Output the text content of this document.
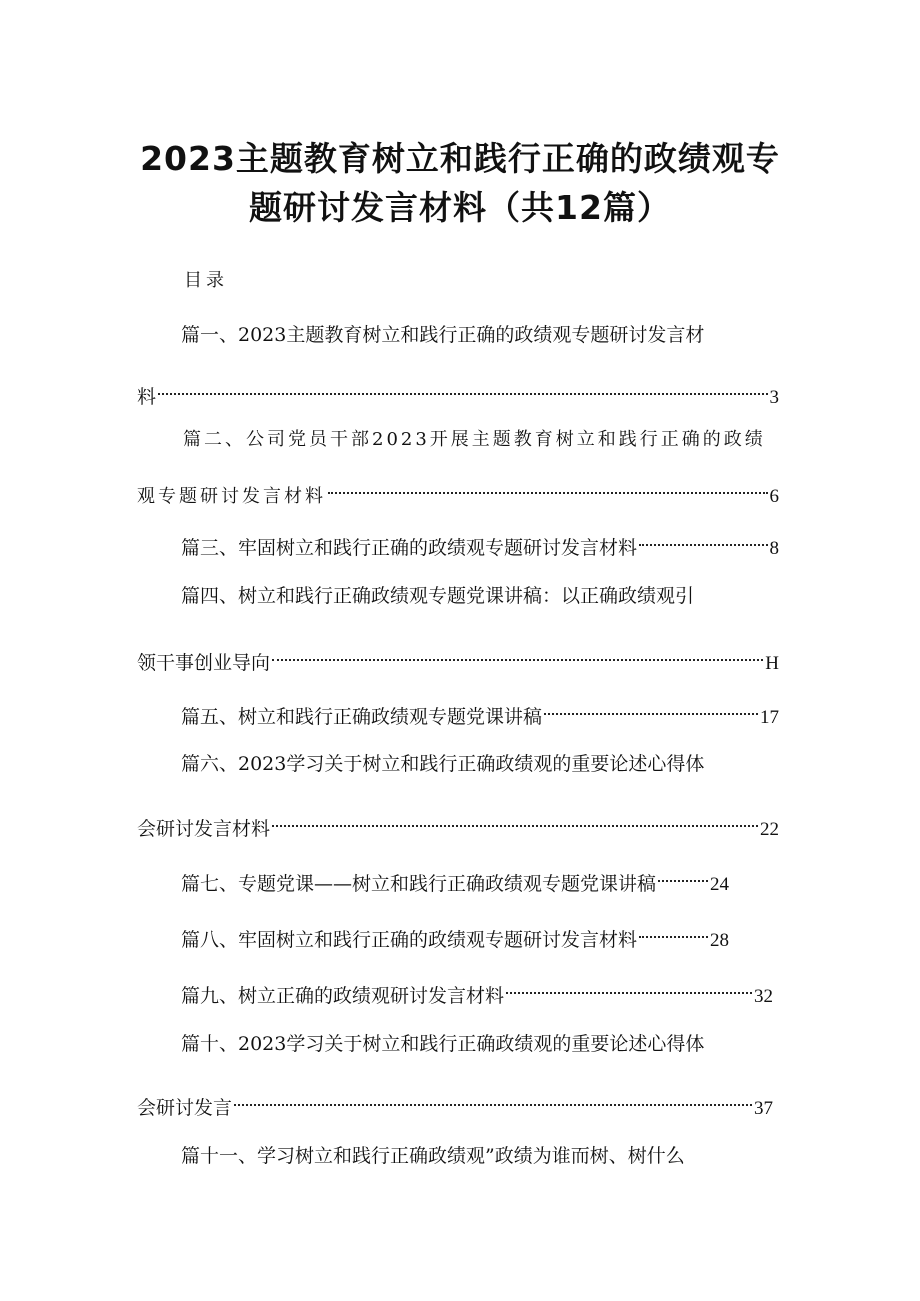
2023主题教育树立和践行正确的政绩观专
题研讨发言材料（共12篇）
目录
篇一、2023主题教育树立和践行正确的政绩观专题研讨发言材
料	3
篇二、公司党员干部2023开展主题教育树立和践行正确的政绩
观专题研讨发言材料	6
篇三、牢固树立和践行正确的政绩观专题研讨发言材料	8
篇四、树立和践行正确政绩观专题党课讲稿：以正确政绩观引
领干事创业导向	H
篇五、树立和践行正确政绩观专题党课讲稿	17
篇六、2023学习关于树立和践行正确政绩观的重要论述心得体
会研讨发言材料	22
篇七、专题党课——树立和践行正确政绩观专题党课讲稿	24
篇八、牢固树立和践行正确的政绩观专题研讨发言材料	28
篇九、树立正确的政绩观研讨发言材料	32
篇十、2023学习关于树立和践行正确政绩观的重要论述心得体
会研讨发言	37
篇十一、学习树立和践行正确政绩观”政绩为谁而树、树什么
